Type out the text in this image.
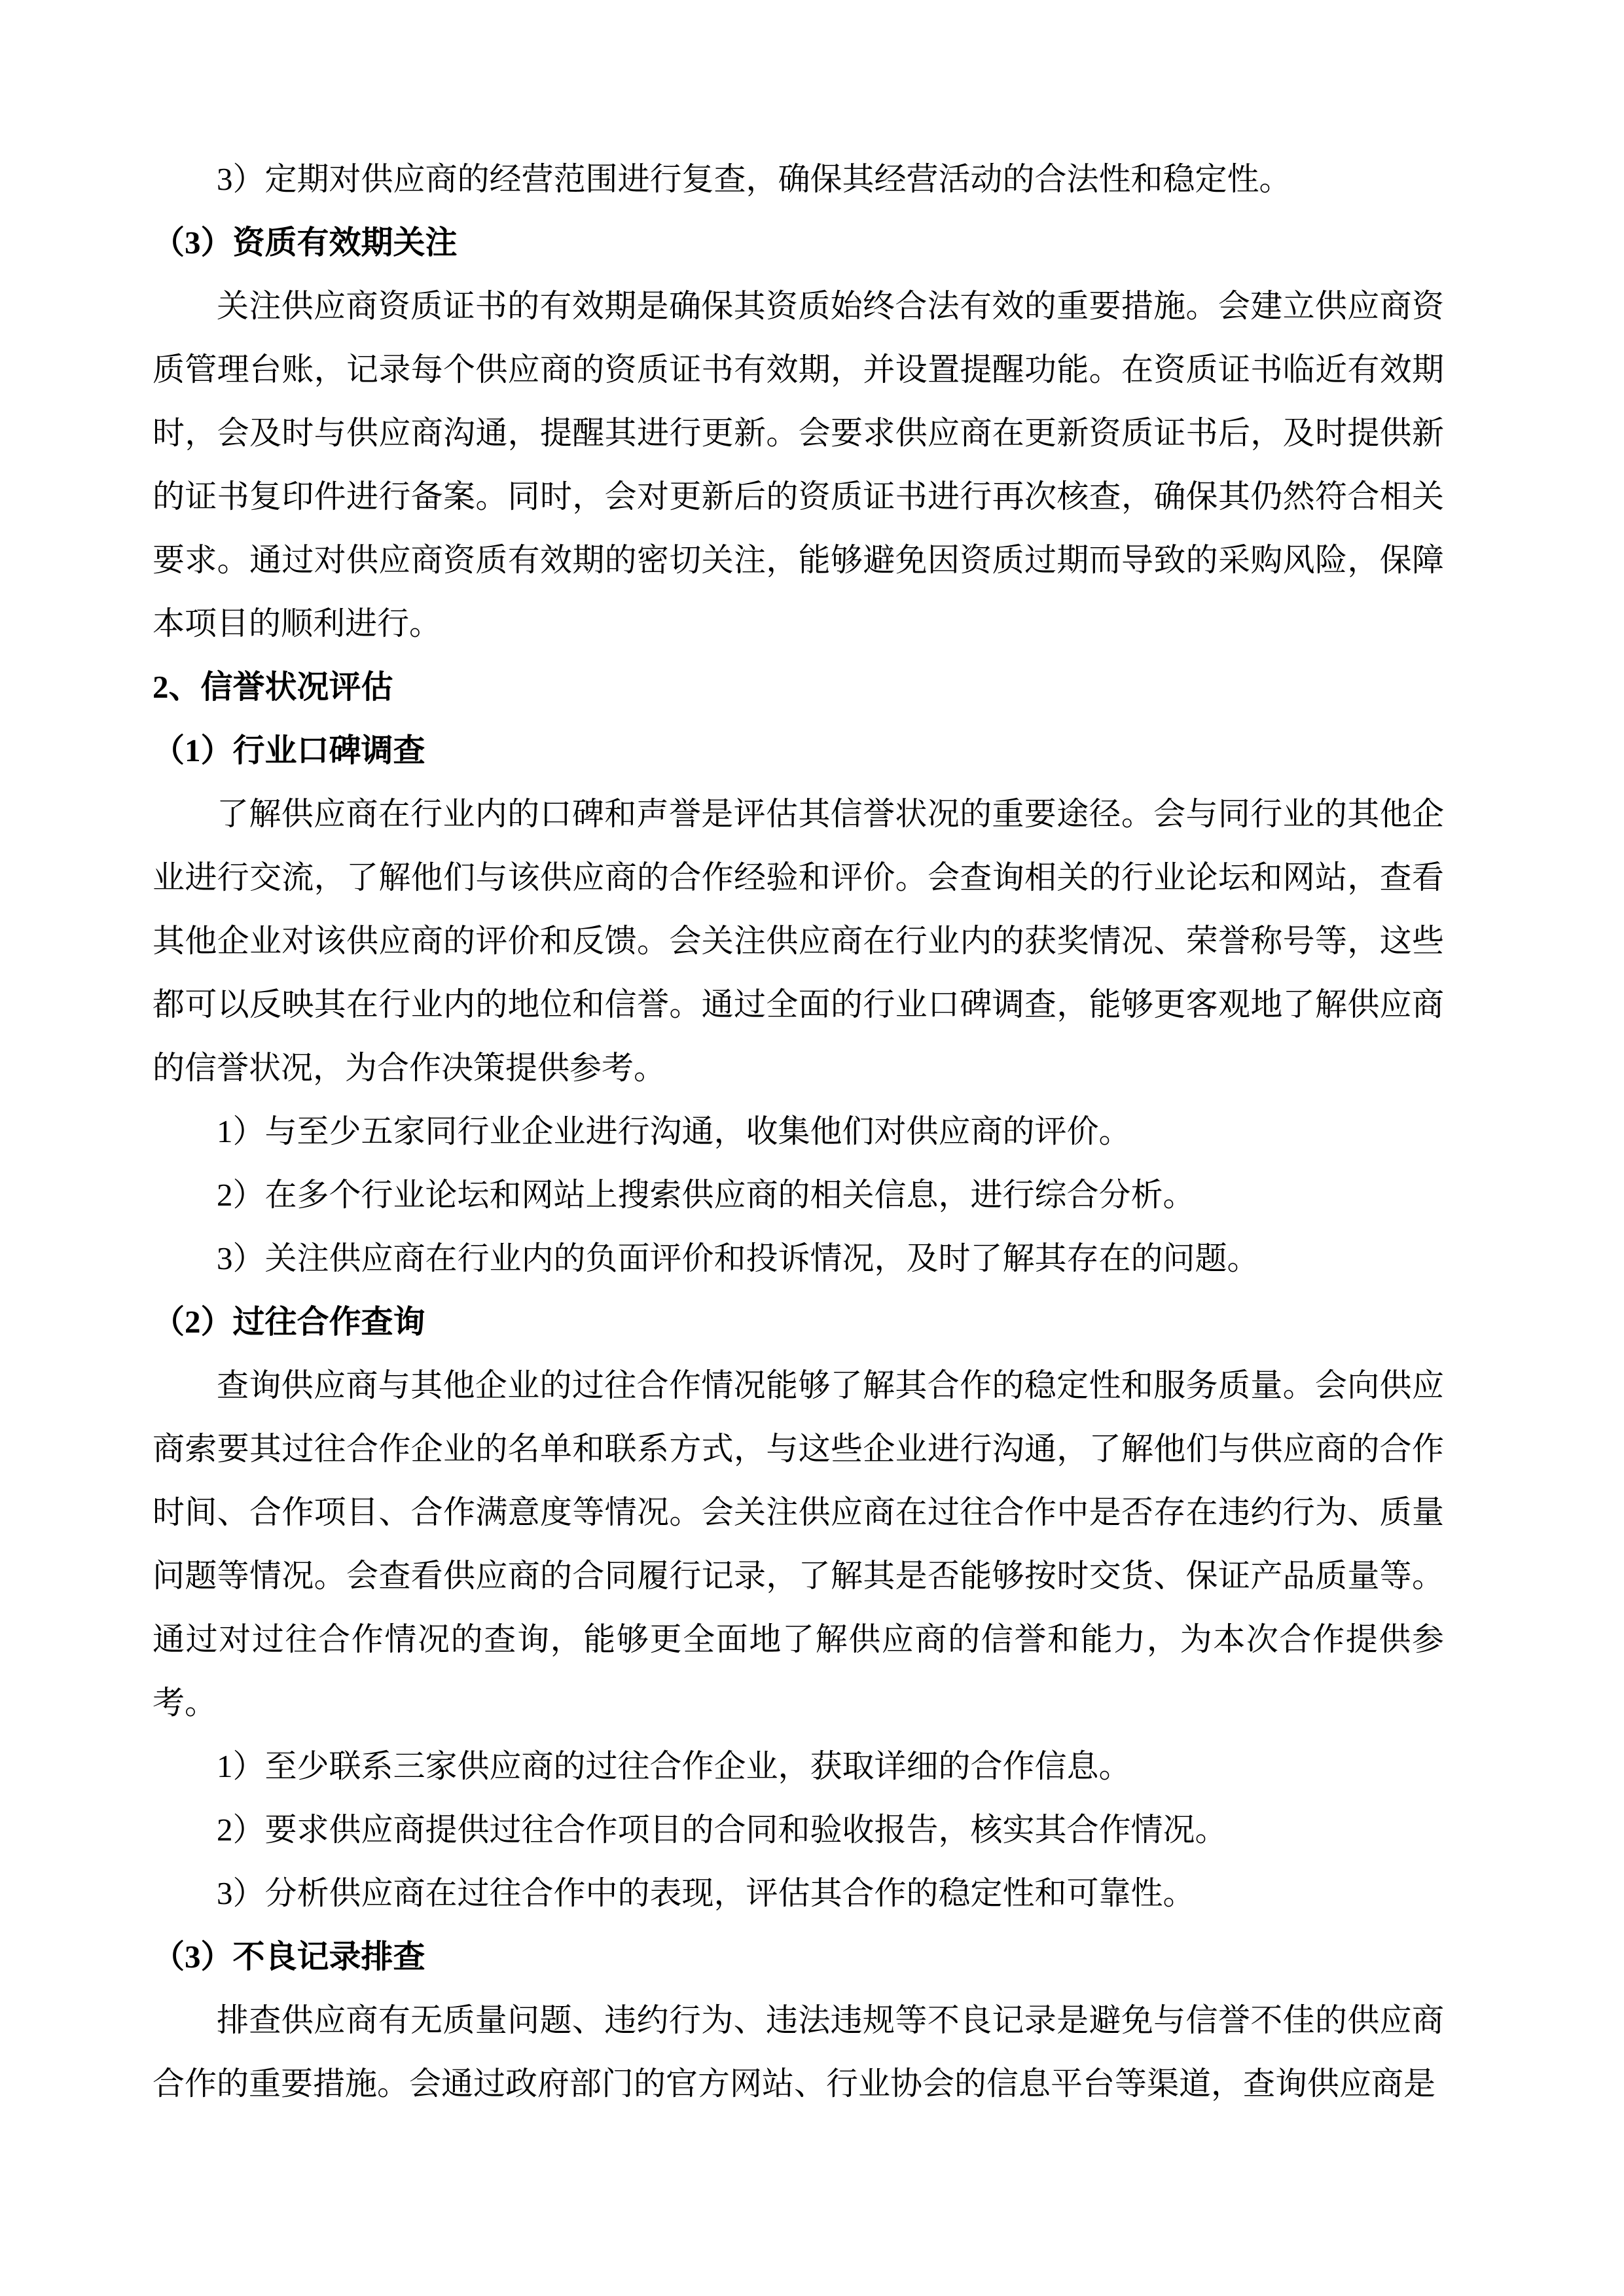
3）定期对供应商的经营范围进行复查，确保其经营活动的合法性和稳定性。

（3）资质有效期关注

关注供应商资质证书的有效期是确保其资质始终合法有效的重要措施。会建立供应商资质管理台账，记录每个供应商的资质证书有效期，并设置提醒功能。在资质证书临近有效期时，会及时与供应商沟通，提醒其进行更新。会要求供应商在更新资质证书后，及时提供新的证书复印件进行备案。同时，会对更新后的资质证书进行再次核查，确保其仍然符合相关要求。通过对供应商资质有效期的密切关注，能够避免因资质过期而导致的采购风险，保障本项目的顺利进行。

2、信誉状况评估

（1）行业口碑调查

了解供应商在行业内的口碑和声誉是评估其信誉状况的重要途径。会与同行业的其他企业进行交流，了解他们与该供应商的合作经验和评价。会查询相关的行业论坛和网站，查看其他企业对该供应商的评价和反馈。会关注供应商在行业内的获奖情况、荣誉称号等，这些都可以反映其在行业内的地位和信誉。通过全面的行业口碑调查，能够更客观地了解供应商的信誉状况，为合作决策提供参考。

1）与至少五家同行业企业进行沟通，收集他们对供应商的评价。

2）在多个行业论坛和网站上搜索供应商的相关信息，进行综合分析。

3）关注供应商在行业内的负面评价和投诉情况，及时了解其存在的问题。

（2）过往合作查询

查询供应商与其他企业的过往合作情况能够了解其合作的稳定性和服务质量。会向供应商索要其过往合作企业的名单和联系方式，与这些企业进行沟通，了解他们与供应商的合作时间、合作项目、合作满意度等情况。会关注供应商在过往合作中是否存在违约行为、质量问题等情况。会查看供应商的合同履行记录，了解其是否能够按时交货、保证产品质量等。通过对过往合作情况的查询，能够更全面地了解供应商的信誉和能力，为本次合作提供参考。

1）至少联系三家供应商的过往合作企业，获取详细的合作信息。

2）要求供应商提供过往合作项目的合同和验收报告，核实其合作情况。

3）分析供应商在过往合作中的表现，评估其合作的稳定性和可靠性。

（3）不良记录排查

排查供应商有无质量问题、违约行为、违法违规等不良记录是避免与信誉不佳的供应商合作的重要措施。会通过政府部门的官方网站、行业协会的信息平台等渠道，查询供应商是
